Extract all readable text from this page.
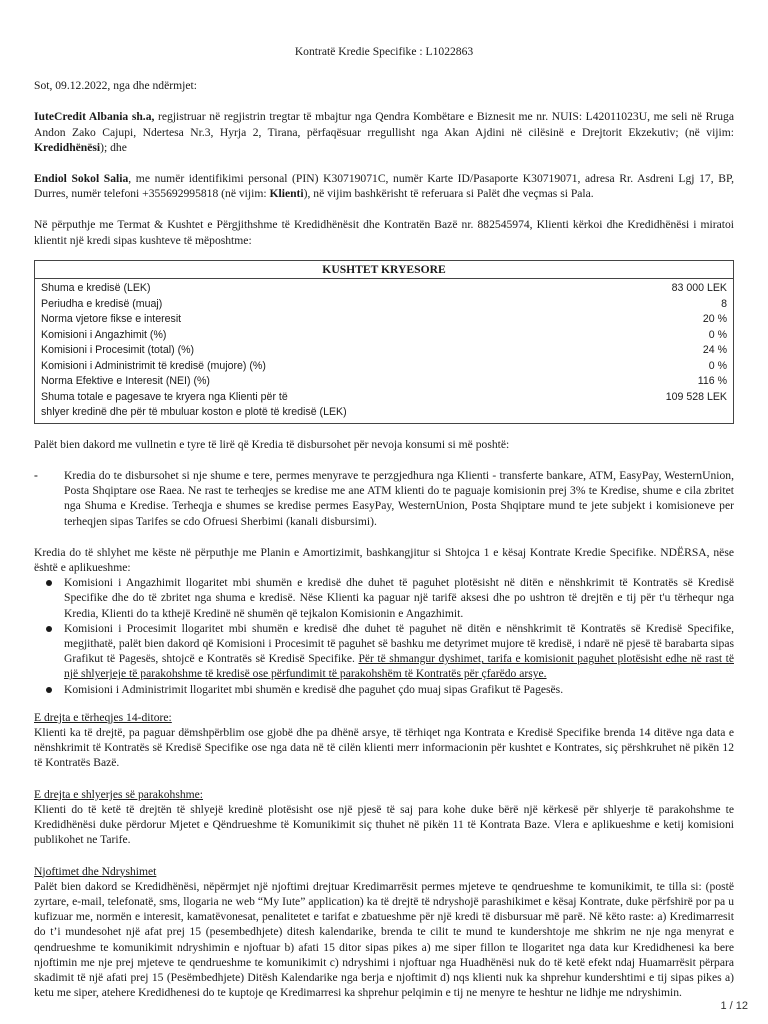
Kontratë Kredie Specifike : L1022863

Sot, 09.12.2022, nga dhe ndërmjet:

IuteCredit Albania sh.a, regjistruar në regjistrin tregtar të mbajtur nga Qendra Kombëtare e Biznesit me nr. NUIS: L42011023U, me seli në Rruga Andon Zako Cajupi, Ndertesa Nr.3, Hyrja 2, Tirana, përfaqësuar rregullisht nga Akan Ajdini në cilësinë e Drejtorit Ekzekutiv; (në vijim: Kredidhënësi); dhe

Endiol Sokol Salia, me numër identifikimi personal (PIN) K30719071C, numër Karte ID/Pasaporte K30719071, adresa Rr. Asdreni Lgj 17, BP, Durres, numër telefoni +355692995818 (në vijim: Klienti), në vijim bashkërisht të referuara si Palët dhe veçmas si Pala.

Në përputhje me Termat & Kushtet e Përgjithshme të Kredidhënësit dhe Kontratën Bazë nr. 882545974, Klienti kërkoi dhe Kredidhënësi i miratoi klientit një kredi sipas kushteve të mëposhtme:

KUSHTET KRYESORE	
Shuma e kredisë (LEK)	83 000 LEK
Periudha e kredisë (muaj)	8
Norma vjetore fikse e interesit	20 %
Komisioni i Angazhimit (%)	0 %
Komisioni i Procesimit (total) (%)	24 %
Komisioni i Administrimit të kredisë (mujore) (%)	0 %
Norma Efektive e Interesit (NEI) (%)	116 %
Shuma totale e pagesave te kryera nga Klienti për të	109 528 LEK
shlyer kredinë dhe për të mbuluar koston e plotë të kredisë (LEK)	

Palët bien dakord me vullnetin e tyre të lirë që Kredia të disbursohet për nevoja konsumi si më poshtë:

-	Kredia do te disbursohet si nje shume e tere, permes menyrave te perzgjedhura nga Klienti - transferte bankare, ATM, EasyPay, WesternUnion, Posta Shqiptare ose Raea. Ne rast te terheqjes se kredise me ane ATM klienti do te paguaje komisionin prej 3% te Kredise, shume e cila zbritet nga Shuma e Kredise. Terheqja e shumes se kredise permes EasyPay, WesternUnion, Posta Shqiptare mund te jete subjekt i komisioneve per terheqjen sipas Tarifes se cdo Ofruesi Sherbimi (kanali disbursimi).

Kredia do të shlyhet me këste në përputhje me Planin e Amortizimit, bashkangjitur si Shtojca 1 e kësaj Kontrate Kredie Specifike. NDËRSA, nëse është e aplikueshme:

Komisioni i Angazhimit llogaritet mbi shumën e kredisë dhe duhet të paguhet plotësisht në ditën e nënshkrimit të Kontratës së Kredisë Specifike dhe do të zbritet nga shuma e kredisë. Nëse Klienti ka paguar një tarifë aksesi dhe po ushtron të drejtën e tij për t'u tërhequr nga Kredia, Klienti do ta kthejë Kredinë në shumën që tejkalon Komisionin e Angazhimit.
Komisioni i Procesimit llogaritet mbi shumën e kredisë dhe duhet të paguhet në ditën e nënshkrimit të Kontratës së Kredisë Specifike, megjithatë, palët bien dakord që Komisioni i Procesimit të paguhet së bashku me detyrimet mujore të kredisë, i ndarë në pjesë të barabarta sipas Grafikut të Pagesës, shtojcë e Kontratës së Kredisë Specifike. Për të shmangur dyshimet, tarifa e komisionit paguhet plotësisht edhe në rast të një shlyerjeje të parakohshme të kredisë ose përfundimit të parakohshëm të Kontratës për çfarëdo arsye.
Komisioni i Administrimit llogaritet mbi shumën e kredisë dhe paguhet çdo muaj sipas Grafikut të Pagesës.

E drejta e tërheqjes 14-ditore:

Klienti ka të drejtë, pa paguar dëmshpërblim ose gjobë dhe pa dhënë arsye, të tërhiqet nga Kontrata e Kredisë Specifike brenda 14 ditëve nga data e nënshkrimit të Kontratës së Kredisë Specifike ose nga data në të cilën klienti merr informacionin për kushtet e Kontrates, siç përshkruhet në pikën 12 të Kontratës Bazë.

E drejta e shlyerjes së parakohshme:

Klienti do të ketë të drejtën të shlyejë kredinë plotësisht ose një pjesë të saj para kohe duke bërë një kërkesë për shlyerje të parakohshme te Kredidhënësi duke përdorur Mjetet e Qëndrueshme të Komunikimit siç thuhet në pikën 11 të Kontrata Baze. Vlera e aplikueshme e ketij komisioni publikohet ne Tarife.

Njoftimet dhe Ndryshimet

Palët bien dakord se Kredidhënësi, nëpërmjet një njoftimi drejtuar Kredimarrësit permes mjeteve te qendrueshme te komunikimit, te tilla si: (postë zyrtare, e-mail, telefonatë, sms, llogaria ne web “My Iute” application) ka të drejtë të ndryshojë parashikimet e kësaj Kontrate, duke përfshirë por pa u kufizuar me, normën e interesit, kamatëvonesat, penalitetet e tarifat e zbatueshme për një kredi të disbursuar më parë. Në këto raste: a) Kredimarresit do t’i mundesohet një afat prej 15 (pesembedhjete) ditesh kalendarike, brenda te cilit te mund te kundershtoje me shkrim ne nje nga menyrat e qendrueshme te komunikimit ndryshimin e njoftuar b) afati 15 ditor sipas pikes a) me siper fillon te llogaritet nga data kur Kredidhenesi ka bere njoftimin me nje prej mjeteve te qendrueshme te komunikimit c) ndryshimi i njoftuar nga Huadhënësi nuk do të ketë efekt ndaj Huamarrësit përpara skadimit të një afati prej 15 (Pesëmbedhjete) Ditësh Kalendarike nga berja e njoftimit d) nqs klienti nuk ka shprehur kundershtimi e tij sipas pikes a) ketu me siper, atehere Kredidhenesi do te kuptoje qe Kredimarresi ka shprehur pelqimin e tij ne menyre te heshtur ne lidhje me ndryshimin.

1 / 12
